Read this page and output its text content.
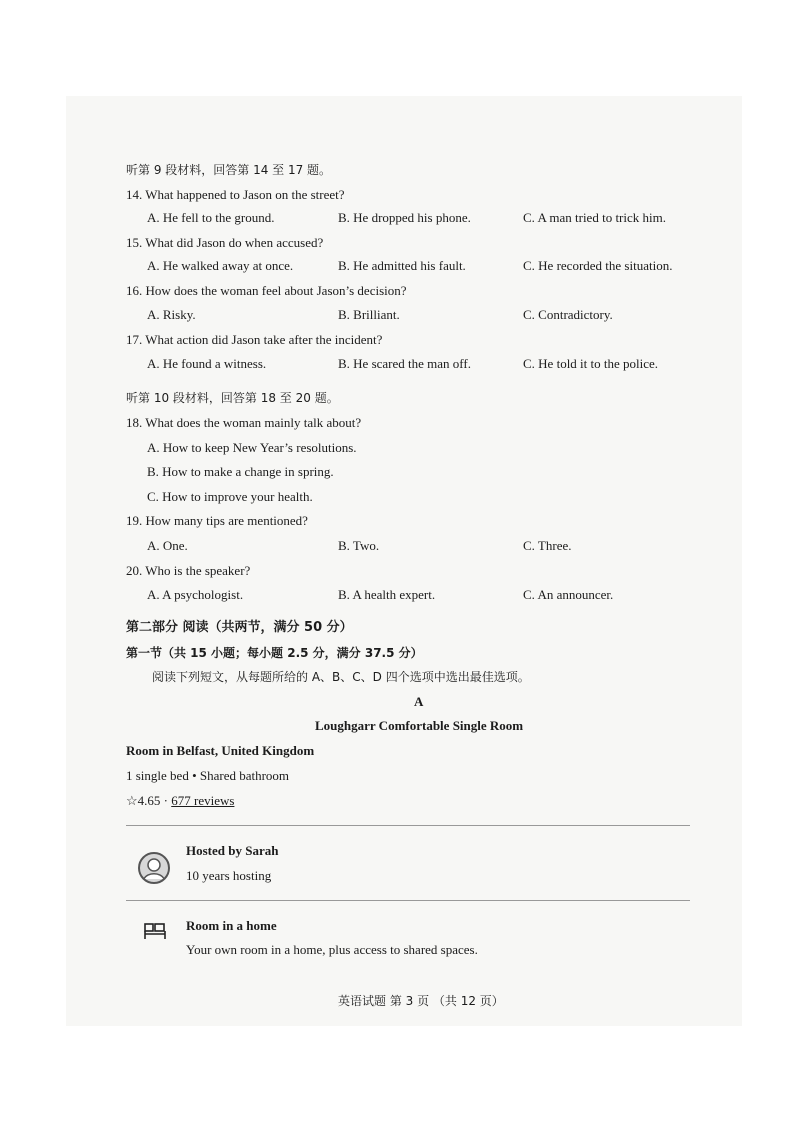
听第 9 段材料，回答第 14 至 17 题。
14. What happened to Jason on the street?
A. He fell to the ground.	B. He dropped his phone.	C. A man tried to trick him.
15. What did Jason do when accused?
A. He walked away at once.	B. He admitted his fault.	C. He recorded the situation.
16. How does the woman feel about Jason’s decision?
A. Risky.	B. Brilliant.	C. Contradictory.
17. What action did Jason take after the incident?
A. He found a witness.	B. He scared the man off.	C. He told it to the police.
听第 10 段材料，回答第 18 至 20 题。
18. What does the woman mainly talk about?
A. How to keep New Year’s resolutions.
B. How to make a change in spring.
C. How to improve your health.
19. How many tips are mentioned?
A. One.	B. Two.	C. Three.
20. Who is the speaker?
A. A psychologist.	B. A health expert.	C. An announcer.
第二部分 阅读（共两节，满分 50 分）
第一节（共 15 小题；每小题 2.5 分，满分 37.5 分）
阅读下列短文，从每题所给的 A、B、C、D 四个选项中选出最佳选项。
A
Loughgarr Comfortable Single Room
Room in Belfast, United Kingdom
1 single bed • Shared bathroom
☆4.65 · 677 reviews
Hosted by Sarah
10 years hosting
Room in a home
Your own room in a home, plus access to shared spaces.
英语试题 第 3 页 （共 12 页）
